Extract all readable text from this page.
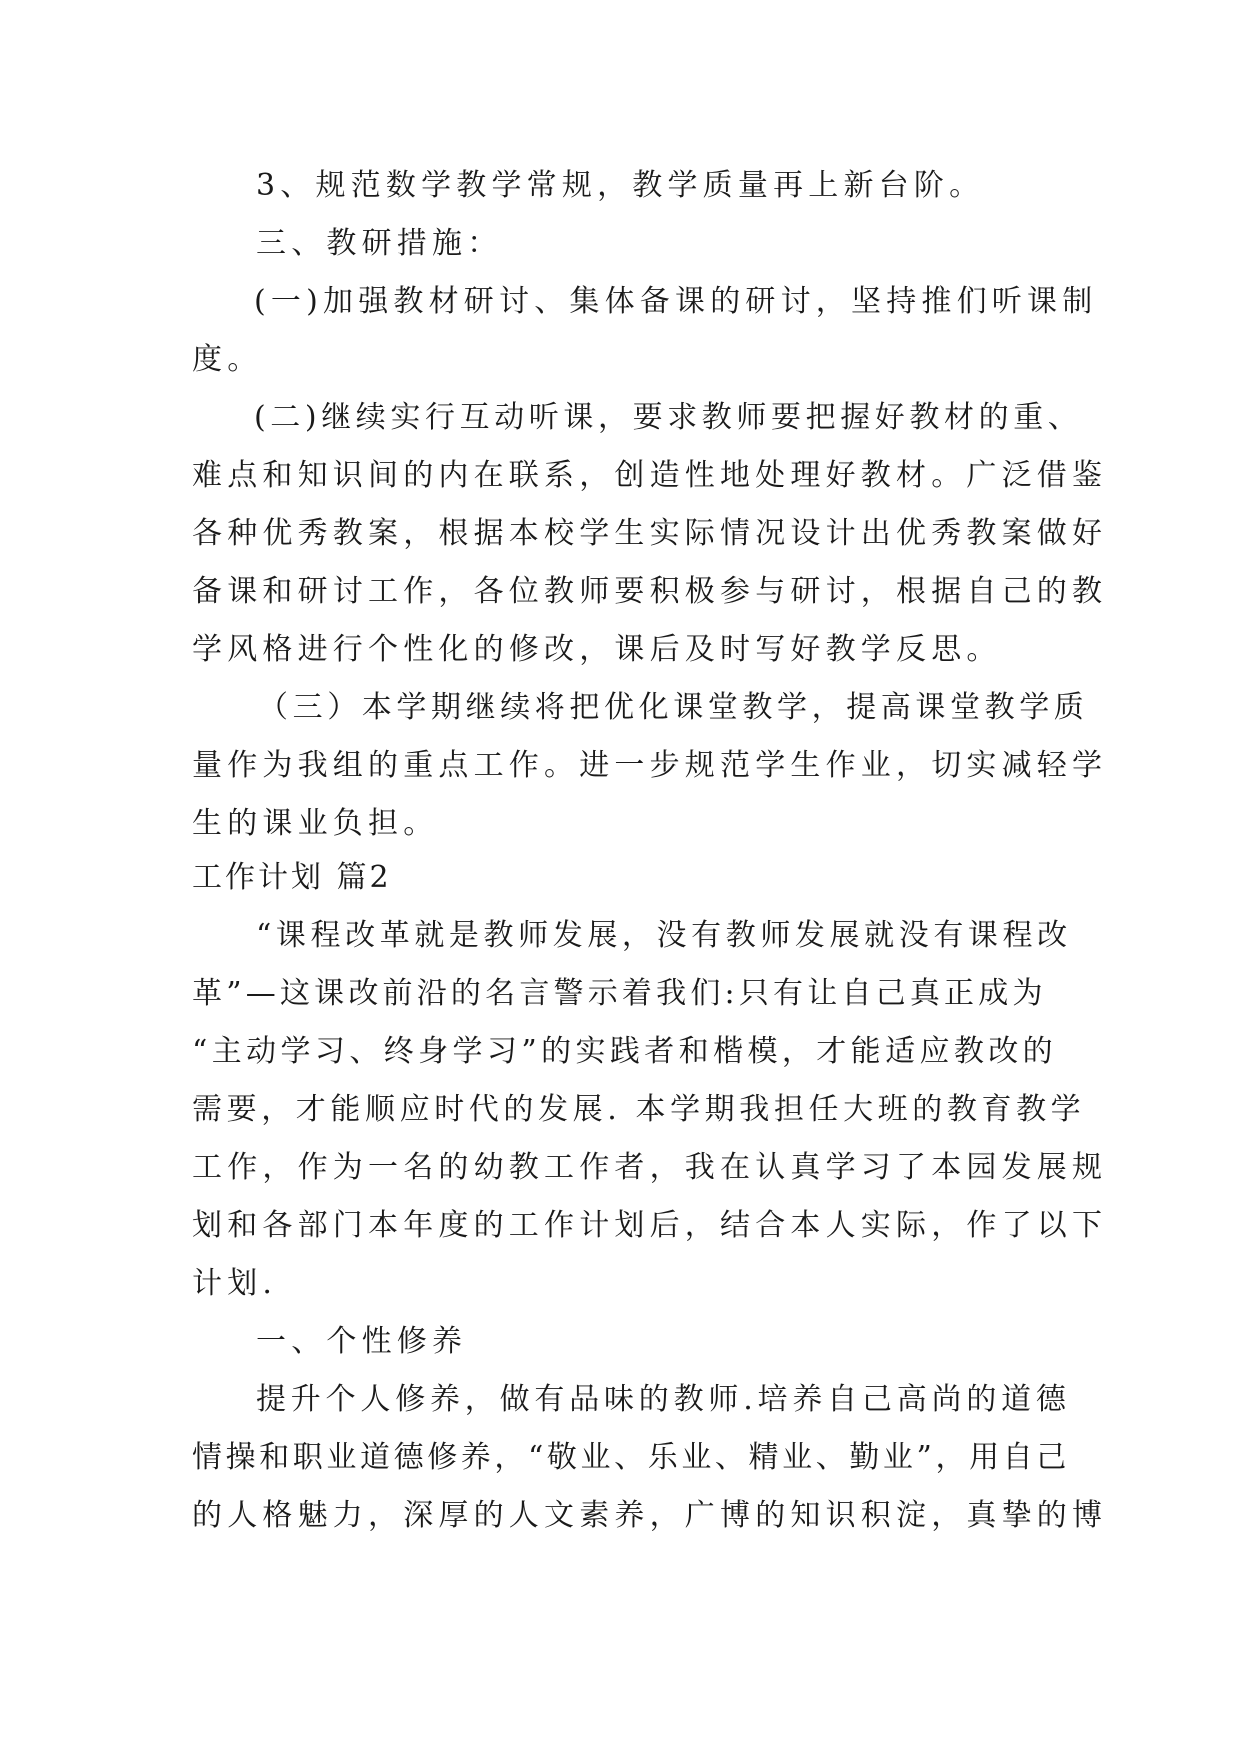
3、规范数学教学常规，教学质量再上新台阶。
三、教研措施：
(一)加强教材研讨、集体备课的研讨，坚持推们听课制
度。
(二)继续实行互动听课，要求教师要把握好教材的重、
难点和知识间的内在联系，创造性地处理好教材。广泛借鉴
各种优秀教案，根据本校学生实际情况设计出优秀教案做好
备课和研讨工作，各位教师要积极参与研讨，根据自己的教
学风格进行个性化的修改，课后及时写好教学反思。
（三）本学期继续将把优化课堂教学，提高课堂教学质
量作为我组的重点工作。进一步规范学生作业，切实减轻学
生的课业负担。
工作计划 篇2
“课程改革就是教师发展，没有教师发展就没有课程改
革”—这课改前沿的名言警示着我们:只有让自己真正成为
“主动学习、终身学习”的实践者和楷模，才能适应教改的
需要，才能顺应时代的发展. 本学期我担任大班的教育教学
工作，作为一名的幼教工作者，我在认真学习了本园发展规
划和各部门本年度的工作计划后，结合本人实际，作了以下
计划.
一、个性修养
提升个人修养，做有品味的教师.培养自己高尚的道德
情操和职业道德修养，“敬业、乐业、精业、勤业”，用自己
的人格魅力，深厚的人文素养，广博的知识积淀，真挚的博
